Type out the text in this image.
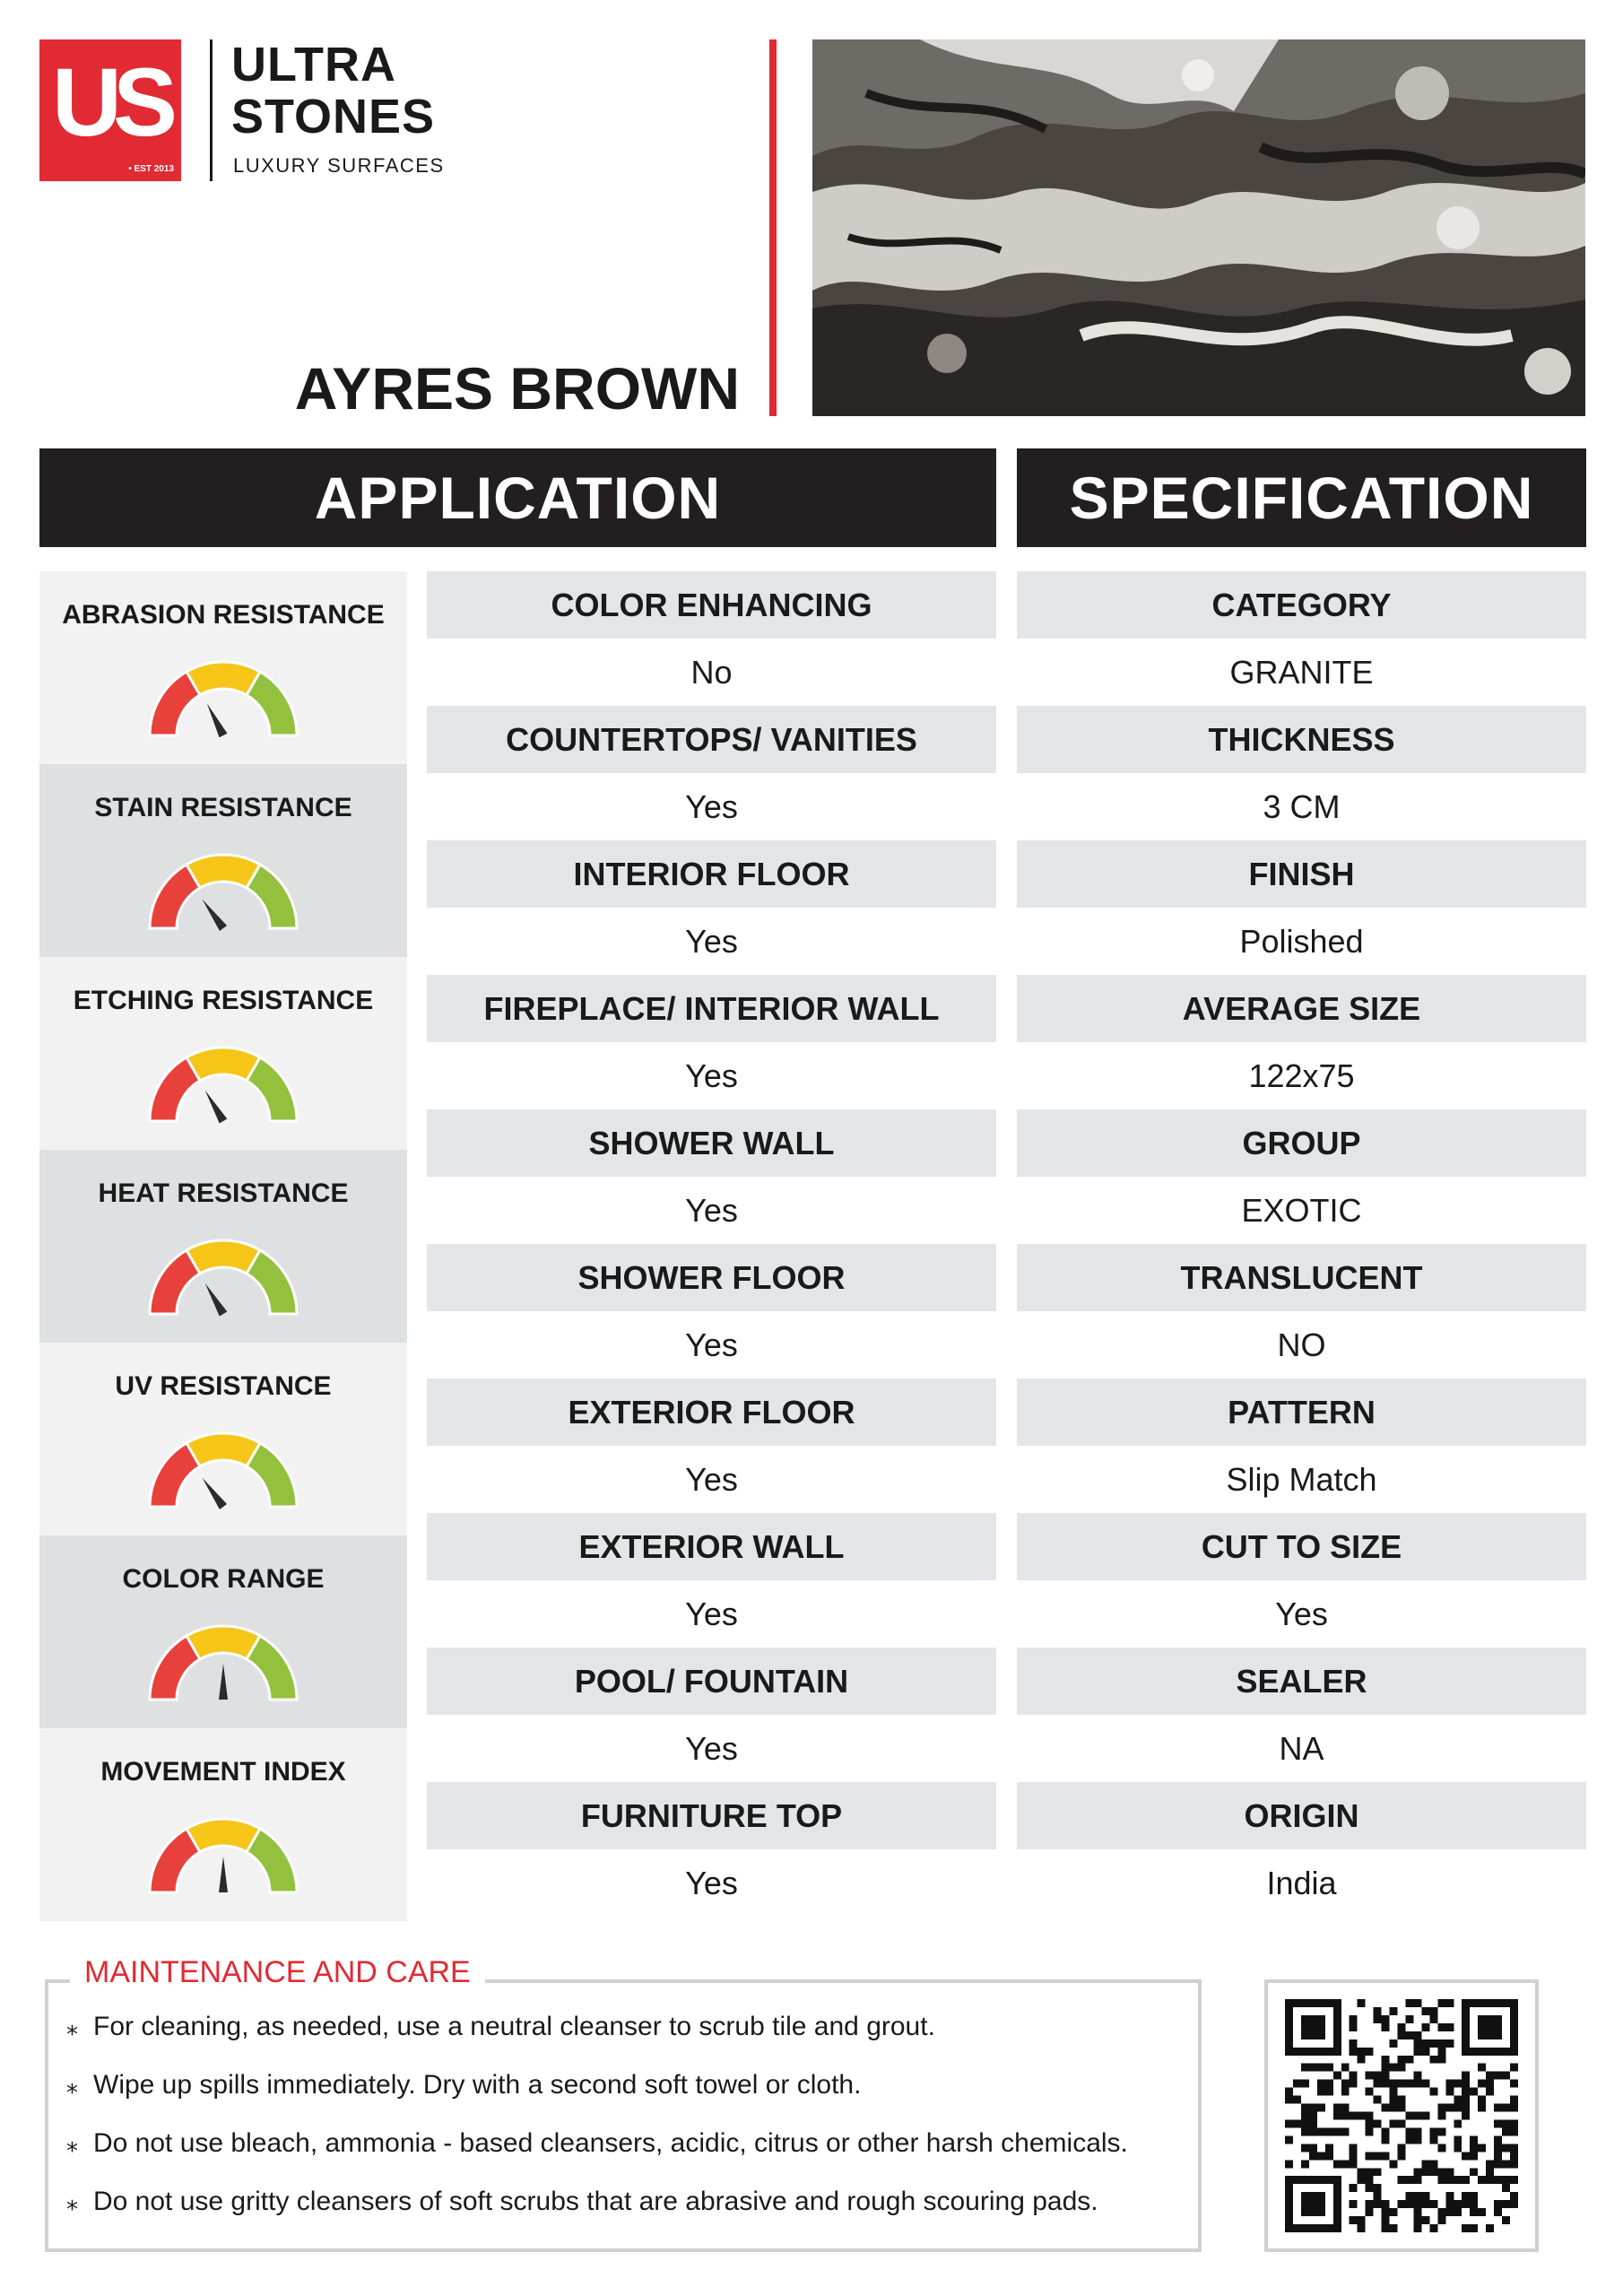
US
• EST 2013
ULTRA
STONES
LUXURY SURFACES
AYRES BROWN
APPLICATION	SPECIFICATION
ABRASION RESISTANCE
STAIN RESISTANCE
ETCHING RESISTANCE
HEAT RESISTANCE
UV RESISTANCE
COLOR RANGE
MOVEMENT INDEX
COLOR ENHANCING
No
COUNTERTOPS/ VANITIES
Yes
INTERIOR FLOOR
Yes
FIREPLACE/ INTERIOR WALL
Yes
SHOWER WALL
Yes
SHOWER FLOOR
Yes
EXTERIOR FLOOR
Yes
EXTERIOR WALL
Yes
POOL/ FOUNTAIN
Yes
FURNITURE TOP
Yes
CATEGORY
GRANITE
THICKNESS
3 CM
FINISH
Polished
AVERAGE SIZE
122x75
GROUP
EXOTIC
TRANSLUCENT
NO
PATTERN
Slip Match
CUT TO SIZE
Yes
SEALER
NA
ORIGIN
India
MAINTENANCE AND CARE
⁎ For cleaning, as needed, use a neutral cleanser to scrub tile and grout.
⁎ Wipe up spills immediately. Dry with a second soft towel or cloth.
⁎ Do not use bleach, ammonia - based cleansers, acidic, citrus or other harsh chemicals.
⁎ Do not use gritty cleansers of soft scrubs that are abrasive and rough scouring pads.
